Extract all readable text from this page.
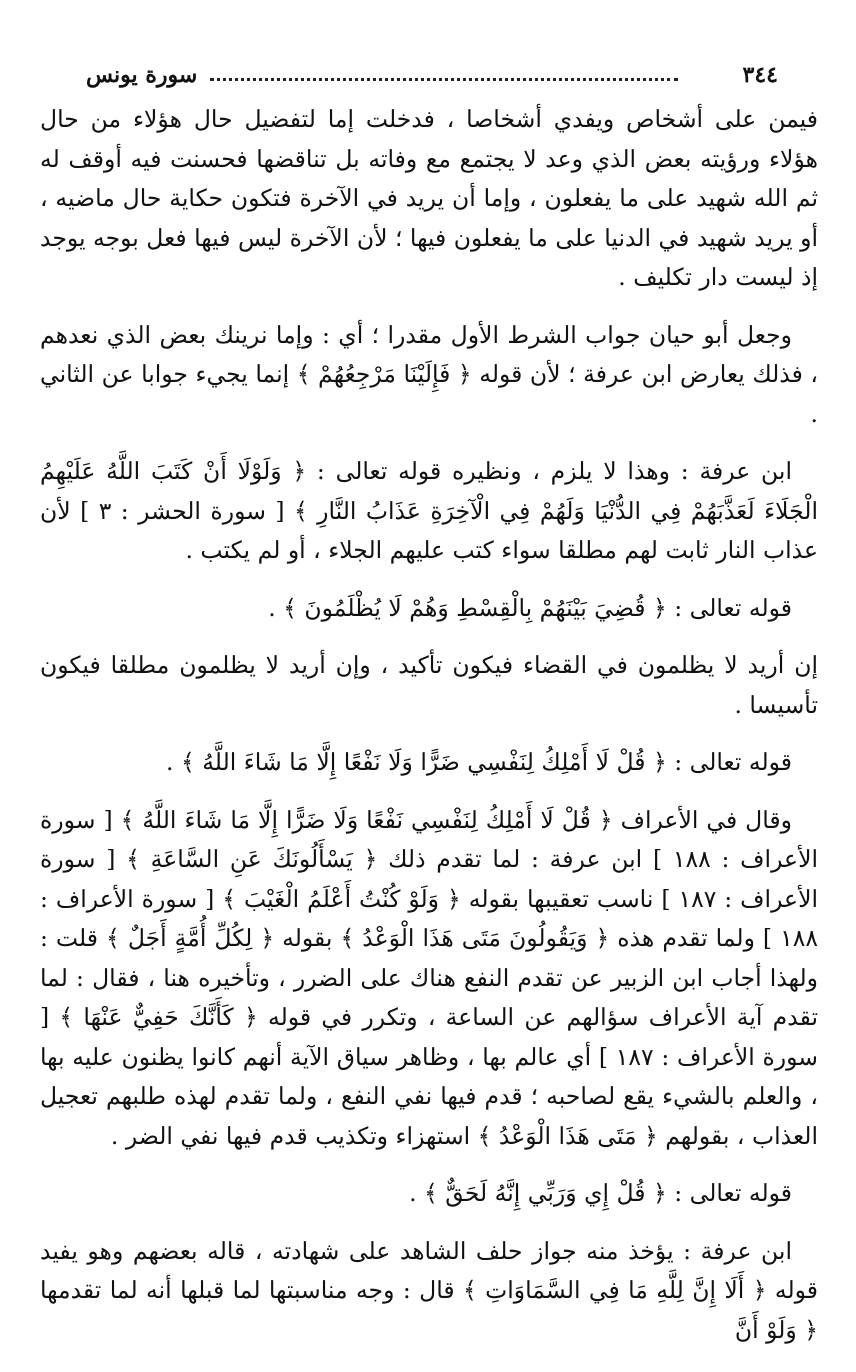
٣٤٤
سورة يونس

فيمن على أشخاص ويفدي أشخاصا ، فدخلت إما لتفضيل حال هؤلاء من حال هؤلاء ورؤيته بعض الذي وعد لا يجتمع مع وفاته بل تناقضها فحسنت فيه أوقف له ثم الله شهيد على ما يفعلون ، وإما أن يريد في الآخرة فتكون حكاية حال ماضيه ، أو يريد شهيد في الدنيا على ما يفعلون فيها ؛ لأن الآخرة ليس فيها فعل بوجه يوجد إذ ليست دار تكليف .

وجعل أبو حيان جواب الشرط الأول مقدرا ؛ أي : وإما نرينك بعض الذي نعدهم ، فذلك يعارض ابن عرفة ؛ لأن قوله ﴿ فَإِلَيْنَا مَرْجِعُهُمْ ﴾ إنما يجيء جوابا عن الثاني .

ابن عرفة : وهذا لا يلزم ، ونظيره قوله تعالى : ﴿ وَلَوْلَا أَنْ كَتَبَ اللَّهُ عَلَيْهِمُ الْجَلَاءَ لَعَذَّبَهُمْ فِي الدُّنْيَا وَلَهُمْ فِي الْآخِرَةِ عَذَابُ النَّارِ ﴾ [ سورة الحشر : ٣ ] لأن عذاب النار ثابت لهم مطلقا سواء كتب عليهم الجلاء ، أو لم يكتب .

قوله تعالى : ﴿ قُضِيَ بَيْنَهُمْ بِالْقِسْطِ وَهُمْ لَا يُظْلَمُونَ ﴾ .

إن أريد لا يظلمون في القضاء فيكون تأكيد ، وإن أريد لا يظلمون مطلقا فيكون تأسيسا .

قوله تعالى : ﴿ قُلْ لَا أَمْلِكُ لِنَفْسِي ضَرًّا وَلَا نَفْعًا إِلَّا مَا شَاءَ اللَّهُ ﴾ .

وقال في الأعراف ﴿ قُلْ لَا أَمْلِكُ لِنَفْسِي نَفْعًا وَلَا ضَرًّا إِلَّا مَا شَاءَ اللَّهُ ﴾ [ سورة الأعراف : ١٨٨ ] ابن عرفة : لما تقدم ذلك ﴿ يَسْأَلُونَكَ عَنِ السَّاعَةِ ﴾ [ سورة الأعراف : ١٨٧ ] ناسب تعقيبها بقوله ﴿ وَلَوْ كُنْتُ أَعْلَمُ الْغَيْبَ ﴾ [ سورة الأعراف : ١٨٨ ] ولما تقدم هذه ﴿ وَيَقُولُونَ مَتَى هَذَا الْوَعْدُ ﴾ بقوله ﴿ لِكُلِّ أُمَّةٍ أَجَلٌ ﴾ قلت : ولهذا أجاب ابن الزبير عن تقدم النفع هناك على الضرر ، وتأخيره هنا ، فقال : لما تقدم آية الأعراف سؤالهم عن الساعة ، وتكرر في قوله ﴿ كَأَنَّكَ حَفِيٌّ عَنْهَا ﴾ [ سورة الأعراف : ١٨٧ ] أي عالم بها ، وظاهر سياق الآية أنهم كانوا يظنون عليه بها ، والعلم بالشيء يقع لصاحبه ؛ قدم فيها نفي النفع ، ولما تقدم لهذه طلبهم تعجيل العذاب ، بقولهم ﴿ مَتَى هَذَا الْوَعْدُ ﴾ استهزاء وتكذيب قدم فيها نفي الضر .

قوله تعالى : ﴿ قُلْ إِي وَرَبِّي إِنَّهُ لَحَقٌّ ﴾ .

ابن عرفة : يؤخذ منه جواز حلف الشاهد على شهادته ، قاله بعضهم وهو يفيد قوله ﴿ أَلَا إِنَّ لِلَّهِ مَا فِي السَّمَاوَاتِ ﴾ قال : وجه مناسبتها لما قبلها أنه لما تقدمها ﴿ وَلَوْ أَنَّ
